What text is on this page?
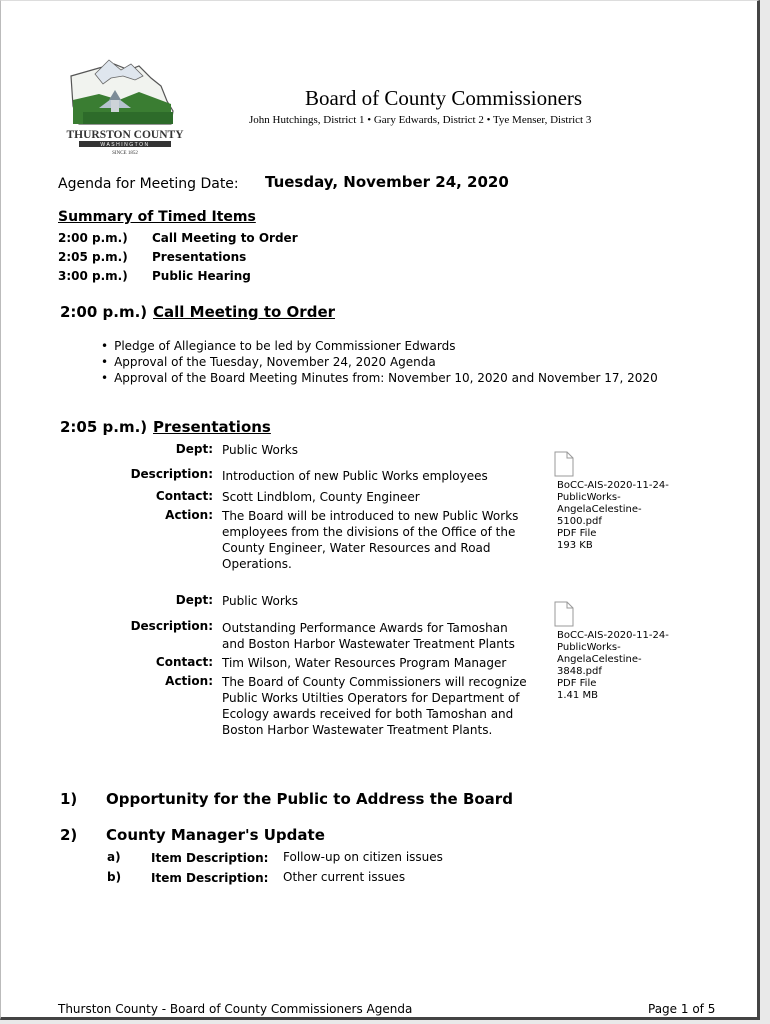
THURSTON COUNTY
WASHINGTON
SINCE 1852
Board of County Commissioners
John Hutchings, District 1 • Gary Edwards, District 2 • Tye Menser, District 3
Agenda for Meeting Date: Tuesday, November 24, 2020
Summary of Timed Items
2:00 p.m.) Call Meeting to Order
2:05 p.m.) Presentations
3:00 p.m.) Public Hearing
2:00 p.m.) Call Meeting to Order
• Pledge of Allegiance to be led by Commissioner Edwards
• Approval of the Tuesday, November 24, 2020 Agenda
• Approval of the Board Meeting Minutes from: November 10, 2020 and November 17, 2020
2:05 p.m.) Presentations
Dept: Public Works
Description: Introduction of new Public Works employees
Contact: Scott Lindblom, County Engineer
Action: The Board will be introduced to new Public Works employees from the divisions of the Office of the County Engineer, Water Resources and Road Operations.
BoCC-AIS-2020-11-24-PublicWorks-AngelaCelestine-5100.pdf
PDF File
193 KB
Dept: Public Works
Description: Outstanding Performance Awards for Tamoshan and Boston Harbor Wastewater Treatment Plants
Contact: Tim Wilson, Water Resources Program Manager
Action: The Board of County Commissioners will recognize Public Works Utilties Operators for Department of Ecology awards received for both Tamoshan and Boston Harbor Wastewater Treatment Plants.
BoCC-AIS-2020-11-24-PublicWorks-AngelaCelestine-3848.pdf
PDF File
1.41 MB
1) Opportunity for the Public to Address the Board
2) County Manager's Update
a)	Item Description: Follow-up on citizen issues
b) Item Description: Other current issues
Thurston County - Board of County Commissioners Agenda	Page 1 of 5
